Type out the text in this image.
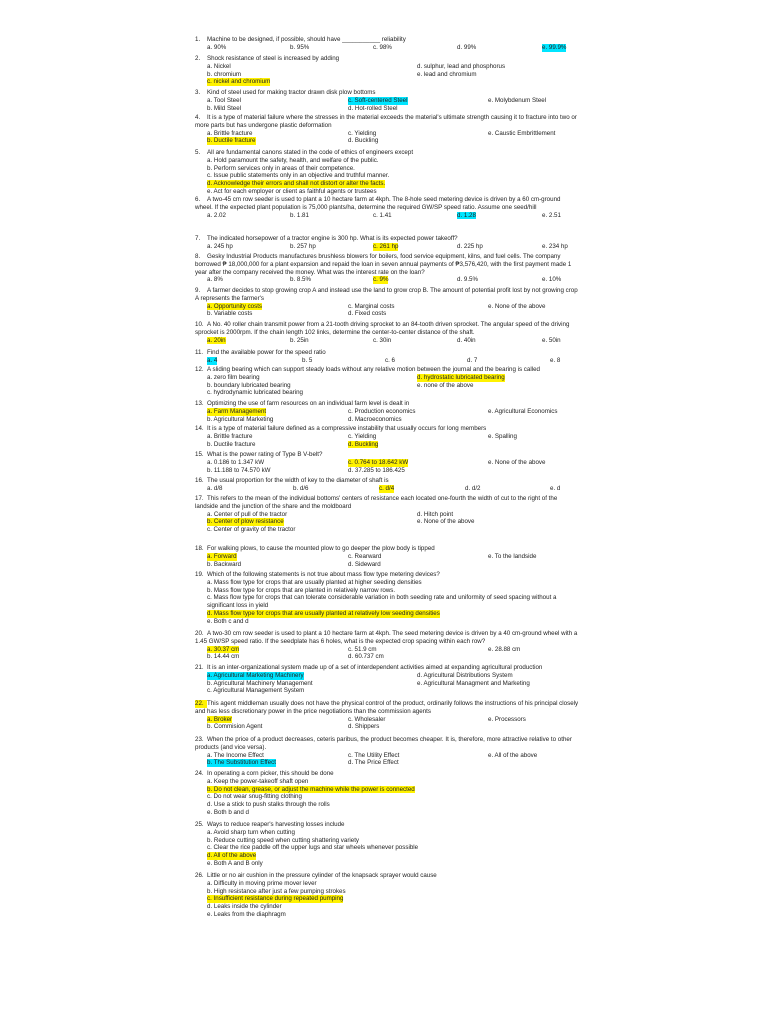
1. Machine to be designed, if possible, should have ___________ reliability
a. 90%	b. 95%	c. 98%	d. 99%	e. 99.9%
2. Shock resistance of steel is increased by adding
a. Nickel	d. sulphur, lead and phosphorus
b. chromium	e. lead and chromium
c. nickel and chromium
3. Kind of steel used for making tractor drawn disk plow bottoms
a. Tool Steel	c. Soft-centered Steel	e. Molybdenum Steel
b. Mild Steel	d. Hot-rolled Steel
4. It is a type of material failure where the stresses in the material exceeds the material's ultimate strength causing it to fracture into two or more parts but has undergone plastic deformation
a. Brittle fracture	c. Yielding	e. Caustic Embrittlement
b. Ductile fracture	d. Buckling
5. All are fundamental canons stated in the code of ethics of engineers except
a. Hold paramount the safety, health, and welfare of the public.
b. Perform services only in areas of their competence.
c. Issue public statements only in an objective and truthful manner.
d. Acknowledge their errors and shall not distort or alter the facts.
e. Act for each employer or client as faithful agents or trustees
6. A two-45 cm row seeder is used to plant a 10 hectare farm at 4kph. The 8-hole seed metering device is driven by a 60 cm-ground wheel. If the expected plant population is 75,000 plants/ha, determine the required GW/SP speed ratio. Assume one seed/hill
a. 2.02	b. 1.81	c. 1.41	d. 1.28	e. 2.51
7. The indicated horsepower of a tractor engine is 300 hp. What is its expected power takeoff?
a. 245 hp	b. 257 hp	c. 261 hp	d. 225 hp	e. 234 hp
8. Gesky Industrial Products manufactures brushless blowers for boilers, food service equipment, kilns, and fuel cells. The company borrowed ₱ 18,000,000 for a plant expansion and repaid the loan in seven annual payments of ₱3,576,420, with the first payment made 1 year after the company received the money. What was the interest rate on the loan?
a. 8%	b. 8.5%	c. 9%	d. 9.5%	e. 10%
9. A farmer decides to stop growing crop A and instead use the land to grow crop B. The amount of potential profit lost by not growing crop A represents the farmer's
a. Opportunity costs	c. Marginal costs	e. None of the above
b. Variable costs	d. Fixed costs
10. A No. 40 roller chain transmit power from a 21-tooth driving sprocket to an 84-tooth driven sprocket. The angular speed of the driving sprocket is 2000rpm. If the chain length 102 links, determine the center-to-center distance of the shaft.
a. 20in	b. 25in	c. 30in	d. 40in	e. 50in
11. Find the available power for the speed ratio
a. 4	b. 5	c. 6	d. 7	e. 8
12. A sliding bearing which can support steady loads without any relative motion between the journal and the bearing is called
a. zero film bearing	d. hydrostatic lubricated bearing
b. boundary lubricated bearing	e. none of the above
c. hydrodynamic lubricated bearing
13. Optimizing the use of farm resources on an individual farm level is dealt in
a. Farm Management	c. Production economics	e. Agricultural Economics
b. Agricultural Marketing	d. Macroeconomics
14. It is a type of material failure defined as a compressive instability that usually occurs for long members
a. Brittle fracture	c. Yielding	e. Spalling
b. Ductile fracture	d. Buckling
15. What is the power rating of Type B V-belt?
a. 0.186 to 1.347 kW	c. 0.764 to 18.642 kW	e. None of the above
b. 11.188 to 74.570 kW	d. 37.285 to 186.425
16. The usual proportion for the width of key to the diameter of shaft is
a. d/8	b. d/6	c. d/4	d. d/2	e. d
17. This refers to the mean of the individual bottoms' centers of resistance each located one-fourth the width of cut to the right of the landside and the junction of the share and the moldboard
a. Center of pull of the tractor	d. Hitch point
b. Center of plow resistance	e. None of the above
c. Center of gravity of the tractor
18. For walking plows, to cause the mounted plow to go deeper the plow body is tipped
a. Forward	c. Rearward	e. To the landside
b. Backward	d. Sideward
19. Which of the following statements is not true about mass flow type metering devices?
a. Mass flow type for crops that are usually planted at higher seeding densities
b. Mass flow type for crops that are planted in relatively narrow rows.
c. Mass flow type for crops that can tolerate considerable variation in both seeding rate and uniformity of seed spacing without a significant loss in yield
d. Mass flow type for crops that are usually planted at relatively low seeding densities
e. Both c and d
20. A two-30 cm row seeder is used to plant a 10 hectare farm at 4kph. The seed metering device is driven by a 40 cm-ground wheel with a 1.45 GW/SP speed ratio. If the seedplate has 6 holes, what is the expected crop spacing within each row?
a. 30.37 cm	c. 51.9 cm	e. 28.88 cm
b. 14.44 cm	d. 60.737 cm
21. It is an inter-organizational system made up of a set of interdependent activities aimed at expanding agricultural production
a. Agricultural Marketing Machinery	d. Agricultural Distributions System
b. Agricultural Machinery Management	e. Agricultural Managment and Marketing
c. Agricultural Management System
22. This agent middleman usually does not have the physical control of the product, ordinarily follows the instructions of his principal closely and has less discretionary power in the price negotiations than the commission agents
a. Broker	c. Wholesaler	e. Processors
b. Commision Agent	d. Shippers
23. When the price of a product decreases, ceteris paribus, the product becomes cheaper. It is, therefore, more attractive relative to other products (and vice versa).
a. The Income Effect	c. The Utility Effect	e. All of the above
b. The Substitution Effect	d. The Price Effect
24. In operating a corn picker, this should be done
a. Keep the power-takeoff shaft open
b. Do not clean, grease, or adjust the machine while the power is connected
c. Do not wear snug-fitting clothing
d. Use a stick to push stalks through the rolls
e. Both b and d
25. Ways to reduce reaper's harvesting losses include
a. Avoid sharp turn when cutting
b. Reduce cutting speed when cutting shattering variety
c. Clear the rice paddle off the upper lugs and star wheels whenever possible
d. All of the above
e. Both A and B only
26. Little or no air cushion in the pressure cylinder of the knapsack sprayer would cause
a. Difficulty in moving prime mover lever
b. High resistance after just a few pumping strokes
c. Insufficient resistance during repeated pumping
d. Leaks inside the cylinder
e. Leaks from the diaphragm
